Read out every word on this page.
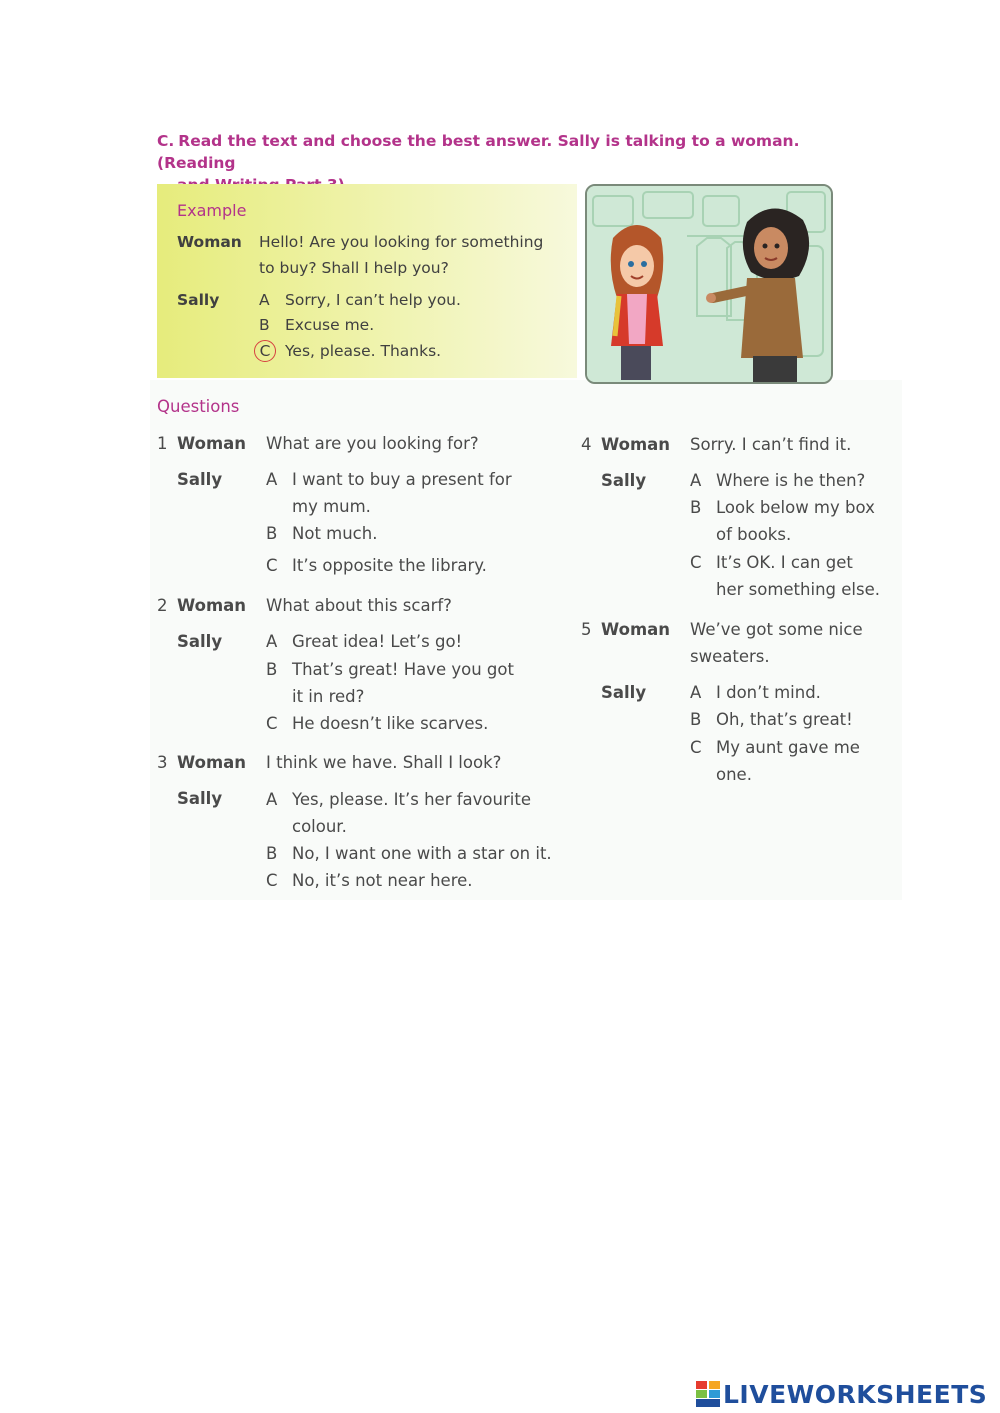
C. Read the text and choose the best answer. Sally is talking to a woman. (Reading
Example
Woman Hello! Are you looking for something
to buy? Shall I help you?
Sally	A Sorry, I can’t help you.
B Excuse me.
C Yes, please. Thanks.
Questions
1 Woman What are you looking for?
Sally	A I want to buy a present for
my mum.
B Not much.
C It’s opposite the library.
2 Woman What about this scarf?
Sally	A Great idea! Let’s go!
B That’s great! Have you got
it in red?
C He doesn’t like scarves.
3 Woman I think we have. Shall I look?
Sally	A Yes, please. It’s her favourite
colour.
B No, I want one with a star on it.
C No, it’s not near here.
4 Woman Sorry. I can’t find it.
Sally	A Where is he then?
B Look below my box
of books.
C It’s OK. I can get
her something else.
5 Woman We’ve got some nice
sweaters.
Sally	A I don’t mind.
B Oh, that’s great!
C My aunt gave me
one.
LIVEWORKSHEETS
